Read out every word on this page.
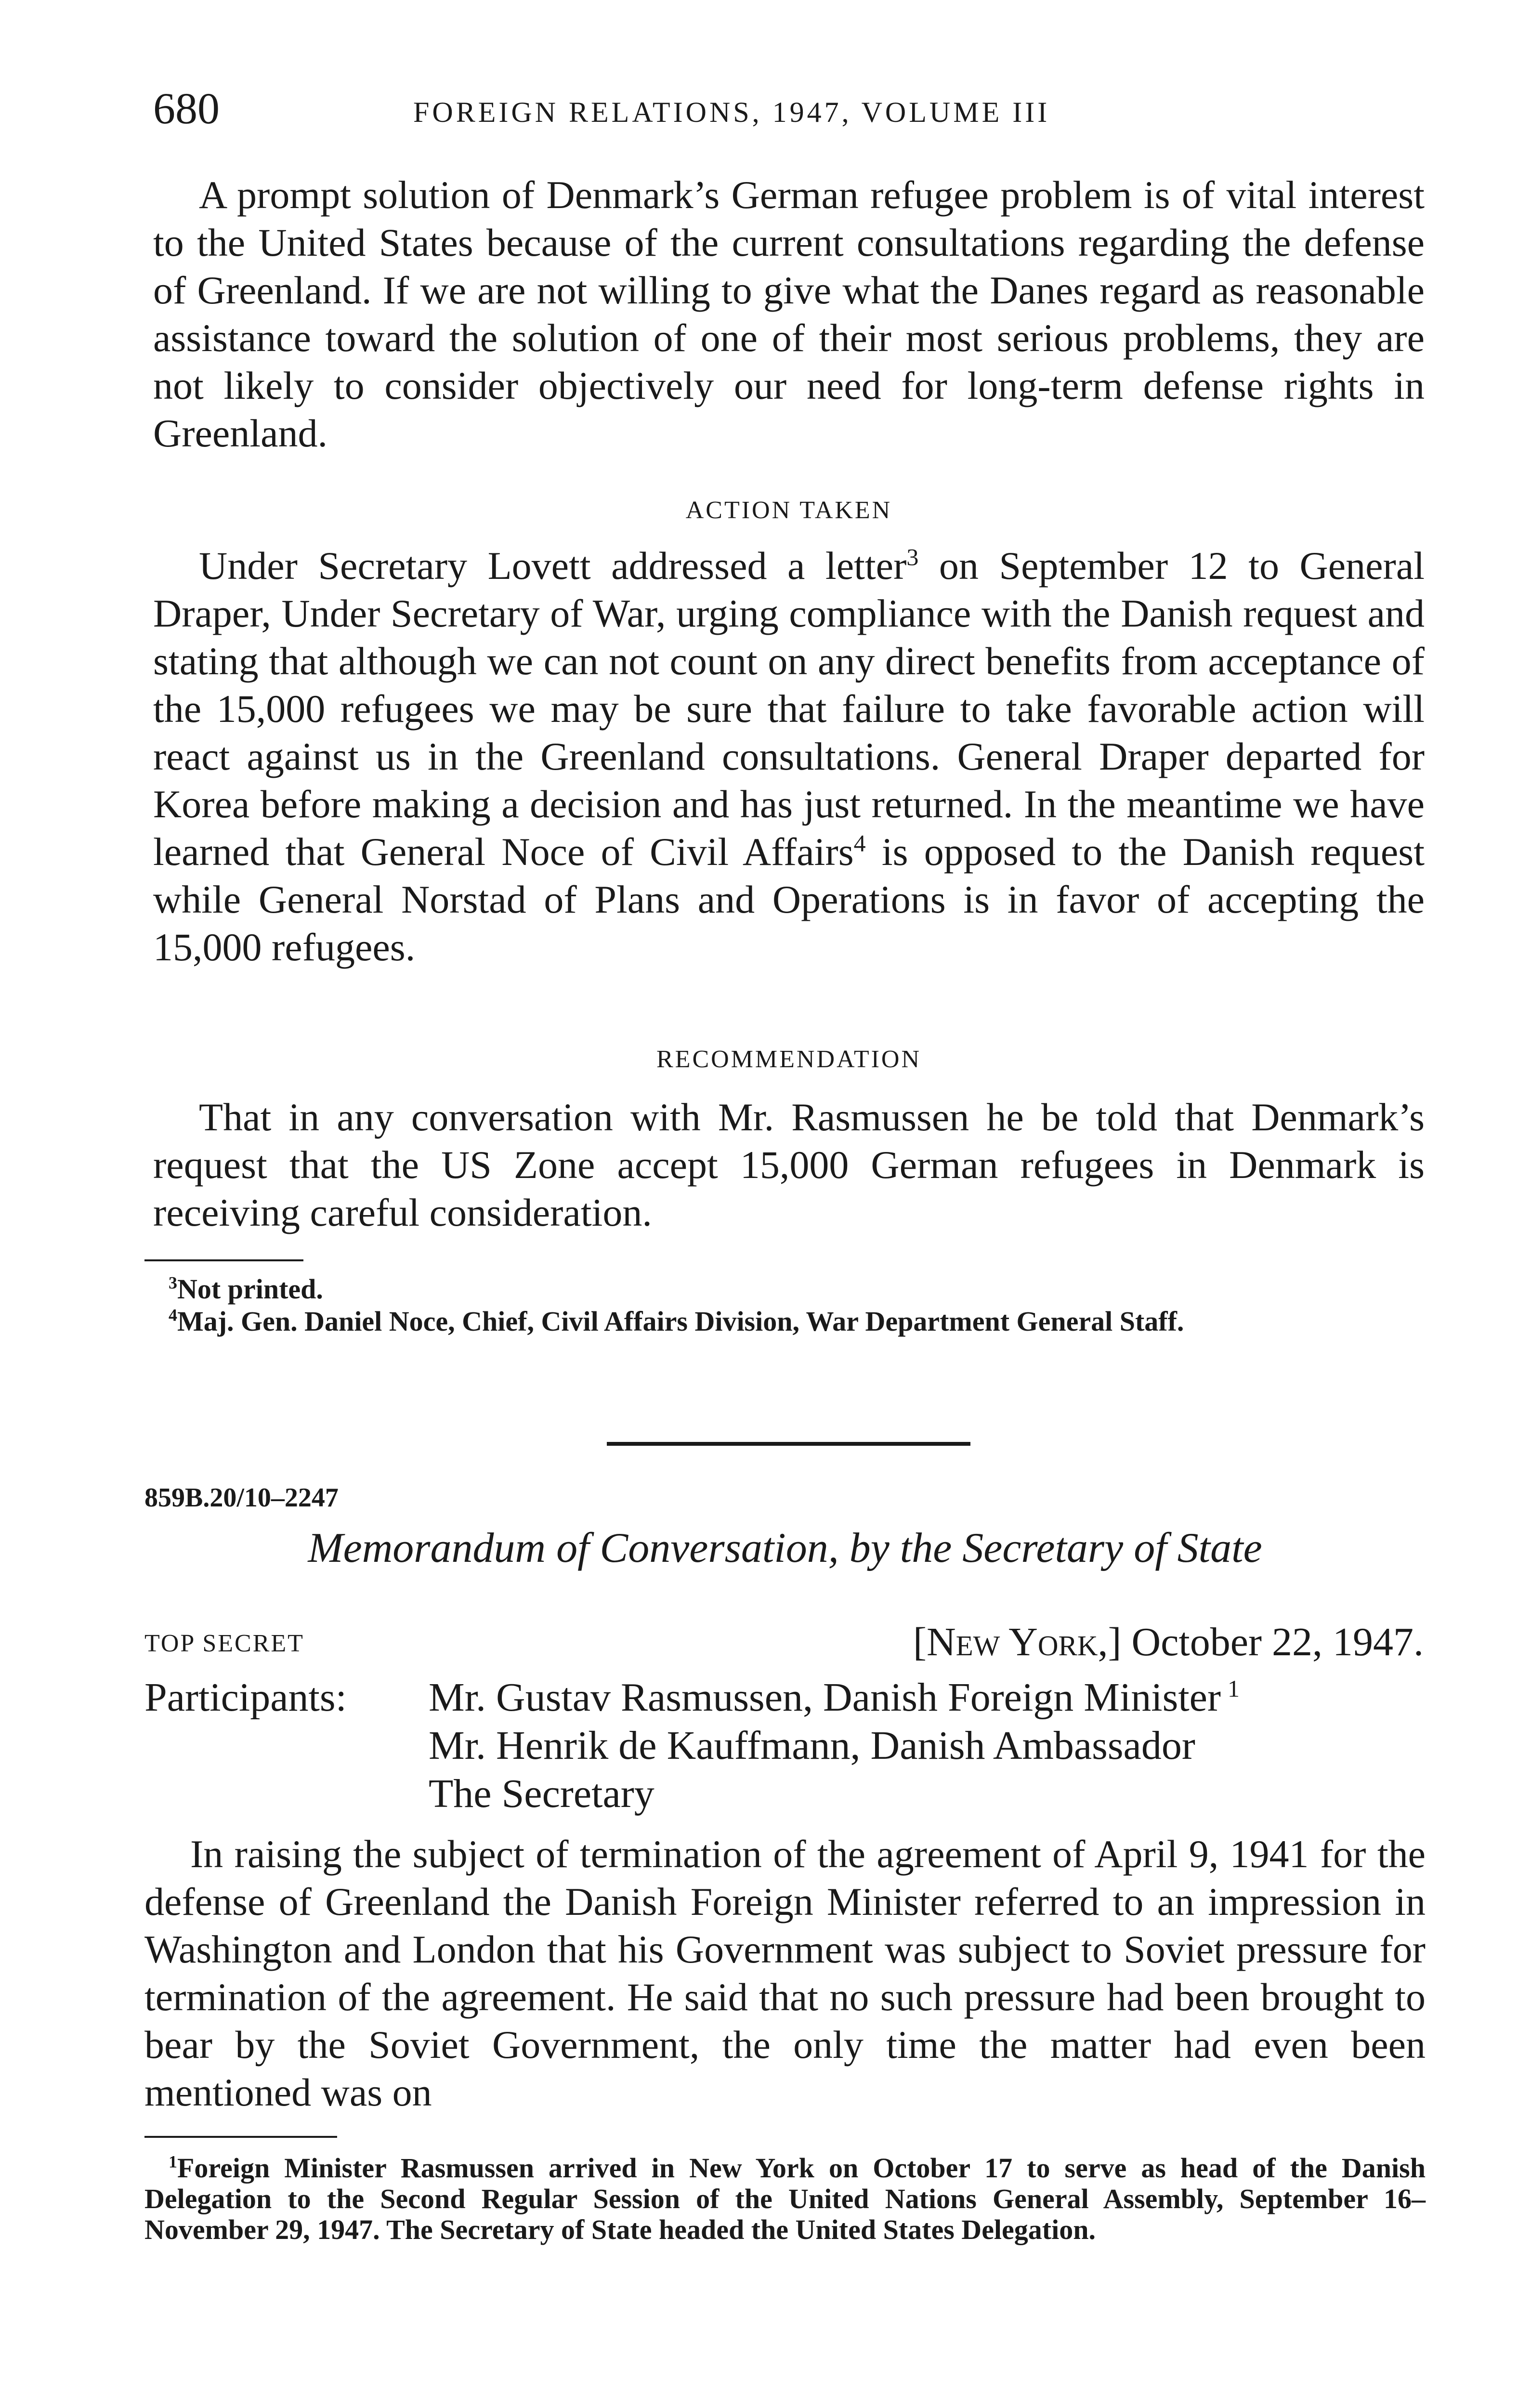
680	FOREIGN RELATIONS, 1947, VOLUME III

A prompt solution of Denmark’s German refugee problem is of vital interest to the United States because of the current consultations regarding the defense of Greenland. If we are not willing to give what the Danes regard as reasonable assistance toward the solution of one of their most serious problems, they are not likely to consider objectively our need for long-term defense rights in Greenland.

ACTION TAKEN

Under Secretary Lovett addressed a letter$^3$ on September 12 to General Draper, Under Secretary of War, urging compliance with the Danish request and stating that although we can not count on any direct benefits from acceptance of the 15,000 refugees we may be sure that failure to take favorable action will react against us in the Greenland consultations. General Draper departed for Korea before making a decision and has just returned. In the meantime we have learned that General Noce of Civil Affairs$^4$ is opposed to the Danish request while General Norstad of Plans and Operations is in favor of accepting the 15,000 refugees.

RECOMMENDATION

That in any conversation with Mr. Rasmussen he be told that Denmark’s request that the US Zone accept 15,000 German refugees in Denmark is receiving careful consideration.

$^3$Not printed.

$^4$Maj. Gen. Daniel Noce, Chief, Civil Affairs Division, War Department General Staff.

859B.20/10–2247
Memorandum of Conversation, by the Secretary of State
TOP SECRET	[New York,] October 22, 1947.
Participants: Mr. Gustav Rasmussen, Danish Foreign Minister $^1$
Mr. Henrik de Kauffmann, Danish Ambassador
The Secretary

In raising the subject of termination of the agreement of April 9, 1941 for the defense of Greenland the Danish Foreign Minister referred to an impression in Washington and London that his Government was subject to Soviet pressure for termination of the agreement. He said that no such pressure had been brought to bear by the Soviet Government, the only time the matter had even been mentioned was on

$^1$Foreign Minister Rasmussen arrived in New York on October 17 to serve as head of the Danish Delegation to the Second Regular Session of the United Nations General Assembly, September 16–November 29, 1947. The Secretary of State headed the United States Delegation.
